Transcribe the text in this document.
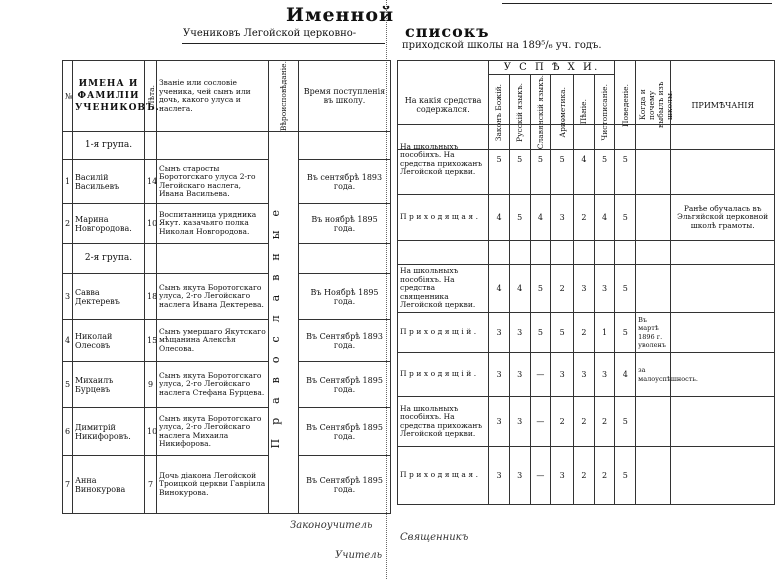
Именной
списокъ
Учениковъ Легойской церковно-
приходской школы на 189⁵/₆ уч. годъ.
№	ИМЕНА И ФАМИЛІИ УЧЕНИКОВЪ.	Лѣта.	Званіе или сословіе ученика, чей сынъ или дочь, какого улуса и наслега.	Вѣроисповѣданіе.	Время поступленія въ школу.
	1-я група.			Православные	

1	Василій Васильевъ	14	Сынъ старосты Боротогскаго улуса 2-го Легойскаго наслега, Ивана Васильева.		Въ сентябрѣ 1893 года.
2	Марина Новгородова.	10	Воспитанница урядника Якут. казачьяго полка Николая Новгородова.		Въ ноябрѣ 1895 года.
	2-я група.				
3	Савва Дектеревъ	18	Сынъ якута Боротогскаго улуса, 2-го Легойскаго наслега Ивана Дектерева.		Въ Ноябрѣ 1895 года.
4	Николай Олесовъ	15	Сынъ умершаго Якутскаго мѣщанина Алексѣя Олесова.		Въ Сентябрѣ 1893 года.
5	Михаилъ Бурцевъ	9	Сынъ якута Боротогскаго улуса, 2-го Легойскаго наслега Стефана Бурцева.		Въ Сентябрѣ 1895 года.
6	Димитрій Никифоровъ.	10	Сынъ якута Боротогскаго улуса, 2-го Легойскаго наслега Михаила Никифорова.		Въ Сентябрѣ 1895 года.
7	Анна Винокурова	7	Дочь діакона Легойской Троицкой церкви Гавріила Винокурова.		Въ Сентябрѣ 1895 года.
На какія средства содержался.	У С П Ѣ Х И.						Поведеніе.	Когда и почему выбылъ изъ школы.	ПРИМѢЧАНІЯ

	Законъ Божій.	Русскій языкъ.	Славянскій языкъ.	Ариѳметика.	Пѣніе.	Чистописаніе.			
На школьныхъ пособіяхъ. На средства прихожанъ Легойской церкви.	5	5	5	5	4	5	5		
Приходящая.	4	5	4	3	2	4	5		Ранѣе обучалась въ Эльгяйской церковной школѣ грамоты.

На школьныхъ пособіяхъ. На средства священника Легойской церкви.	4	4	5	2	3	3	5		
Приходящій.	3	3	5	5	2	1	5	Въ мартѣ 1896 г. уволенъ	
Приходящій.	3	3	—	3	3	3	4	за малоуспѣшность.	
На школьныхъ пособіяхъ. На средства прихожанъ Легойской церкви.	3	3	—	2	2	2	5		
Приходящая.	3	3	—	3	2	2	5		
Законоучитель
Священникъ
Учитель
